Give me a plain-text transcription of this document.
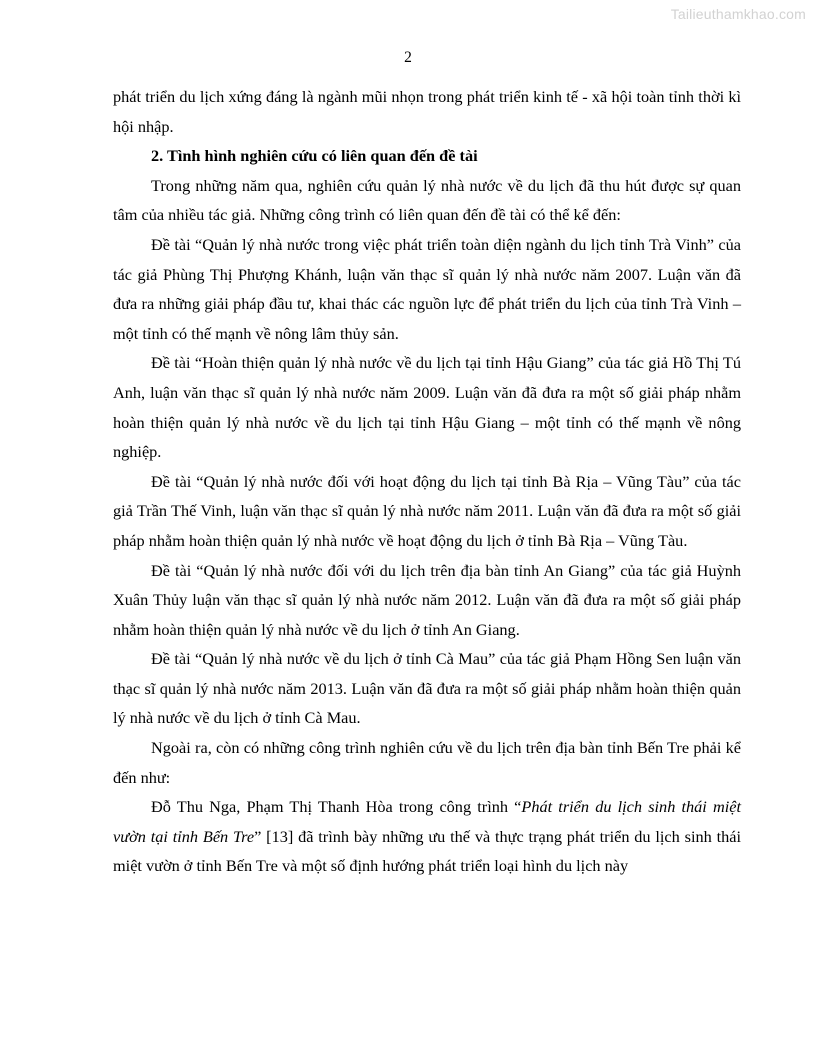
Tailieuthamkhao.com
2

phát triển du lịch xứng đáng là ngành mũi nhọn trong phát triển kinh tế - xã hội toàn tỉnh thời kì hội nhập.

2. Tình hình nghiên cứu có liên quan đến đề tài

Trong những năm qua, nghiên cứu quản lý nhà nước về du lịch đã thu hút được sự quan tâm của nhiều tác giả. Những công trình có liên quan đến đề tài có thể kể đến:

Đề tài “Quản lý nhà nước trong việc phát triển toàn diện ngành du lịch tỉnh Trà Vinh” của tác giả Phùng Thị Phượng Khánh, luận văn thạc sĩ quản lý nhà nước năm 2007. Luận văn đã đưa ra những giải pháp đầu tư, khai thác các nguồn lực để phát triển du lịch của tỉnh Trà Vinh – một tỉnh có thế mạnh về nông lâm thủy sản.

Đề tài “Hoàn thiện quản lý nhà nước về du lịch tại tỉnh Hậu Giang” của tác giả Hồ Thị Tú Anh, luận văn thạc sĩ quản lý nhà nước năm 2009. Luận văn đã đưa ra một số giải pháp nhằm hoàn thiện quản lý nhà nước về du lịch tại tỉnh Hậu Giang – một tỉnh có thế mạnh về nông nghiệp.

Đề tài “Quản lý nhà nước đối với hoạt động du lịch tại tỉnh Bà Rịa – Vũng Tàu” của tác giả Trần Thế Vinh, luận văn thạc sĩ quản lý nhà nước năm 2011. Luận văn đã đưa ra một số giải pháp nhằm hoàn thiện quản lý nhà nước về hoạt động du lịch ở tỉnh Bà Rịa – Vũng Tàu.

Đề tài “Quản lý nhà nước đối với du lịch trên địa bàn tỉnh An Giang” của tác giả Huỳnh Xuân Thủy luận văn thạc sĩ quản lý nhà nước năm 2012. Luận văn đã đưa ra một số giải pháp nhằm hoàn thiện quản lý nhà nước về du lịch ở tỉnh An Giang.

Đề tài “Quản lý nhà nước về du lịch ở tỉnh Cà Mau” của tác giả Phạm Hồng Sen luận văn thạc sĩ quản lý nhà nước năm 2013. Luận văn đã đưa ra một số giải pháp nhằm hoàn thiện quản lý nhà nước về du lịch ở tỉnh Cà Mau.

Ngoài ra, còn có những công trình nghiên cứu về du lịch trên địa bàn tỉnh Bến Tre phải kể đến như:

Đỗ Thu Nga, Phạm Thị Thanh Hòa trong công trình “Phát triển du lịch sinh thái miệt vườn tại tỉnh Bến Tre” [13] đã trình bày những ưu thế và thực trạng phát triển du lịch sinh thái miệt vườn ở tỉnh Bến Tre và một số định hướng phát triển loại hình du lịch này
